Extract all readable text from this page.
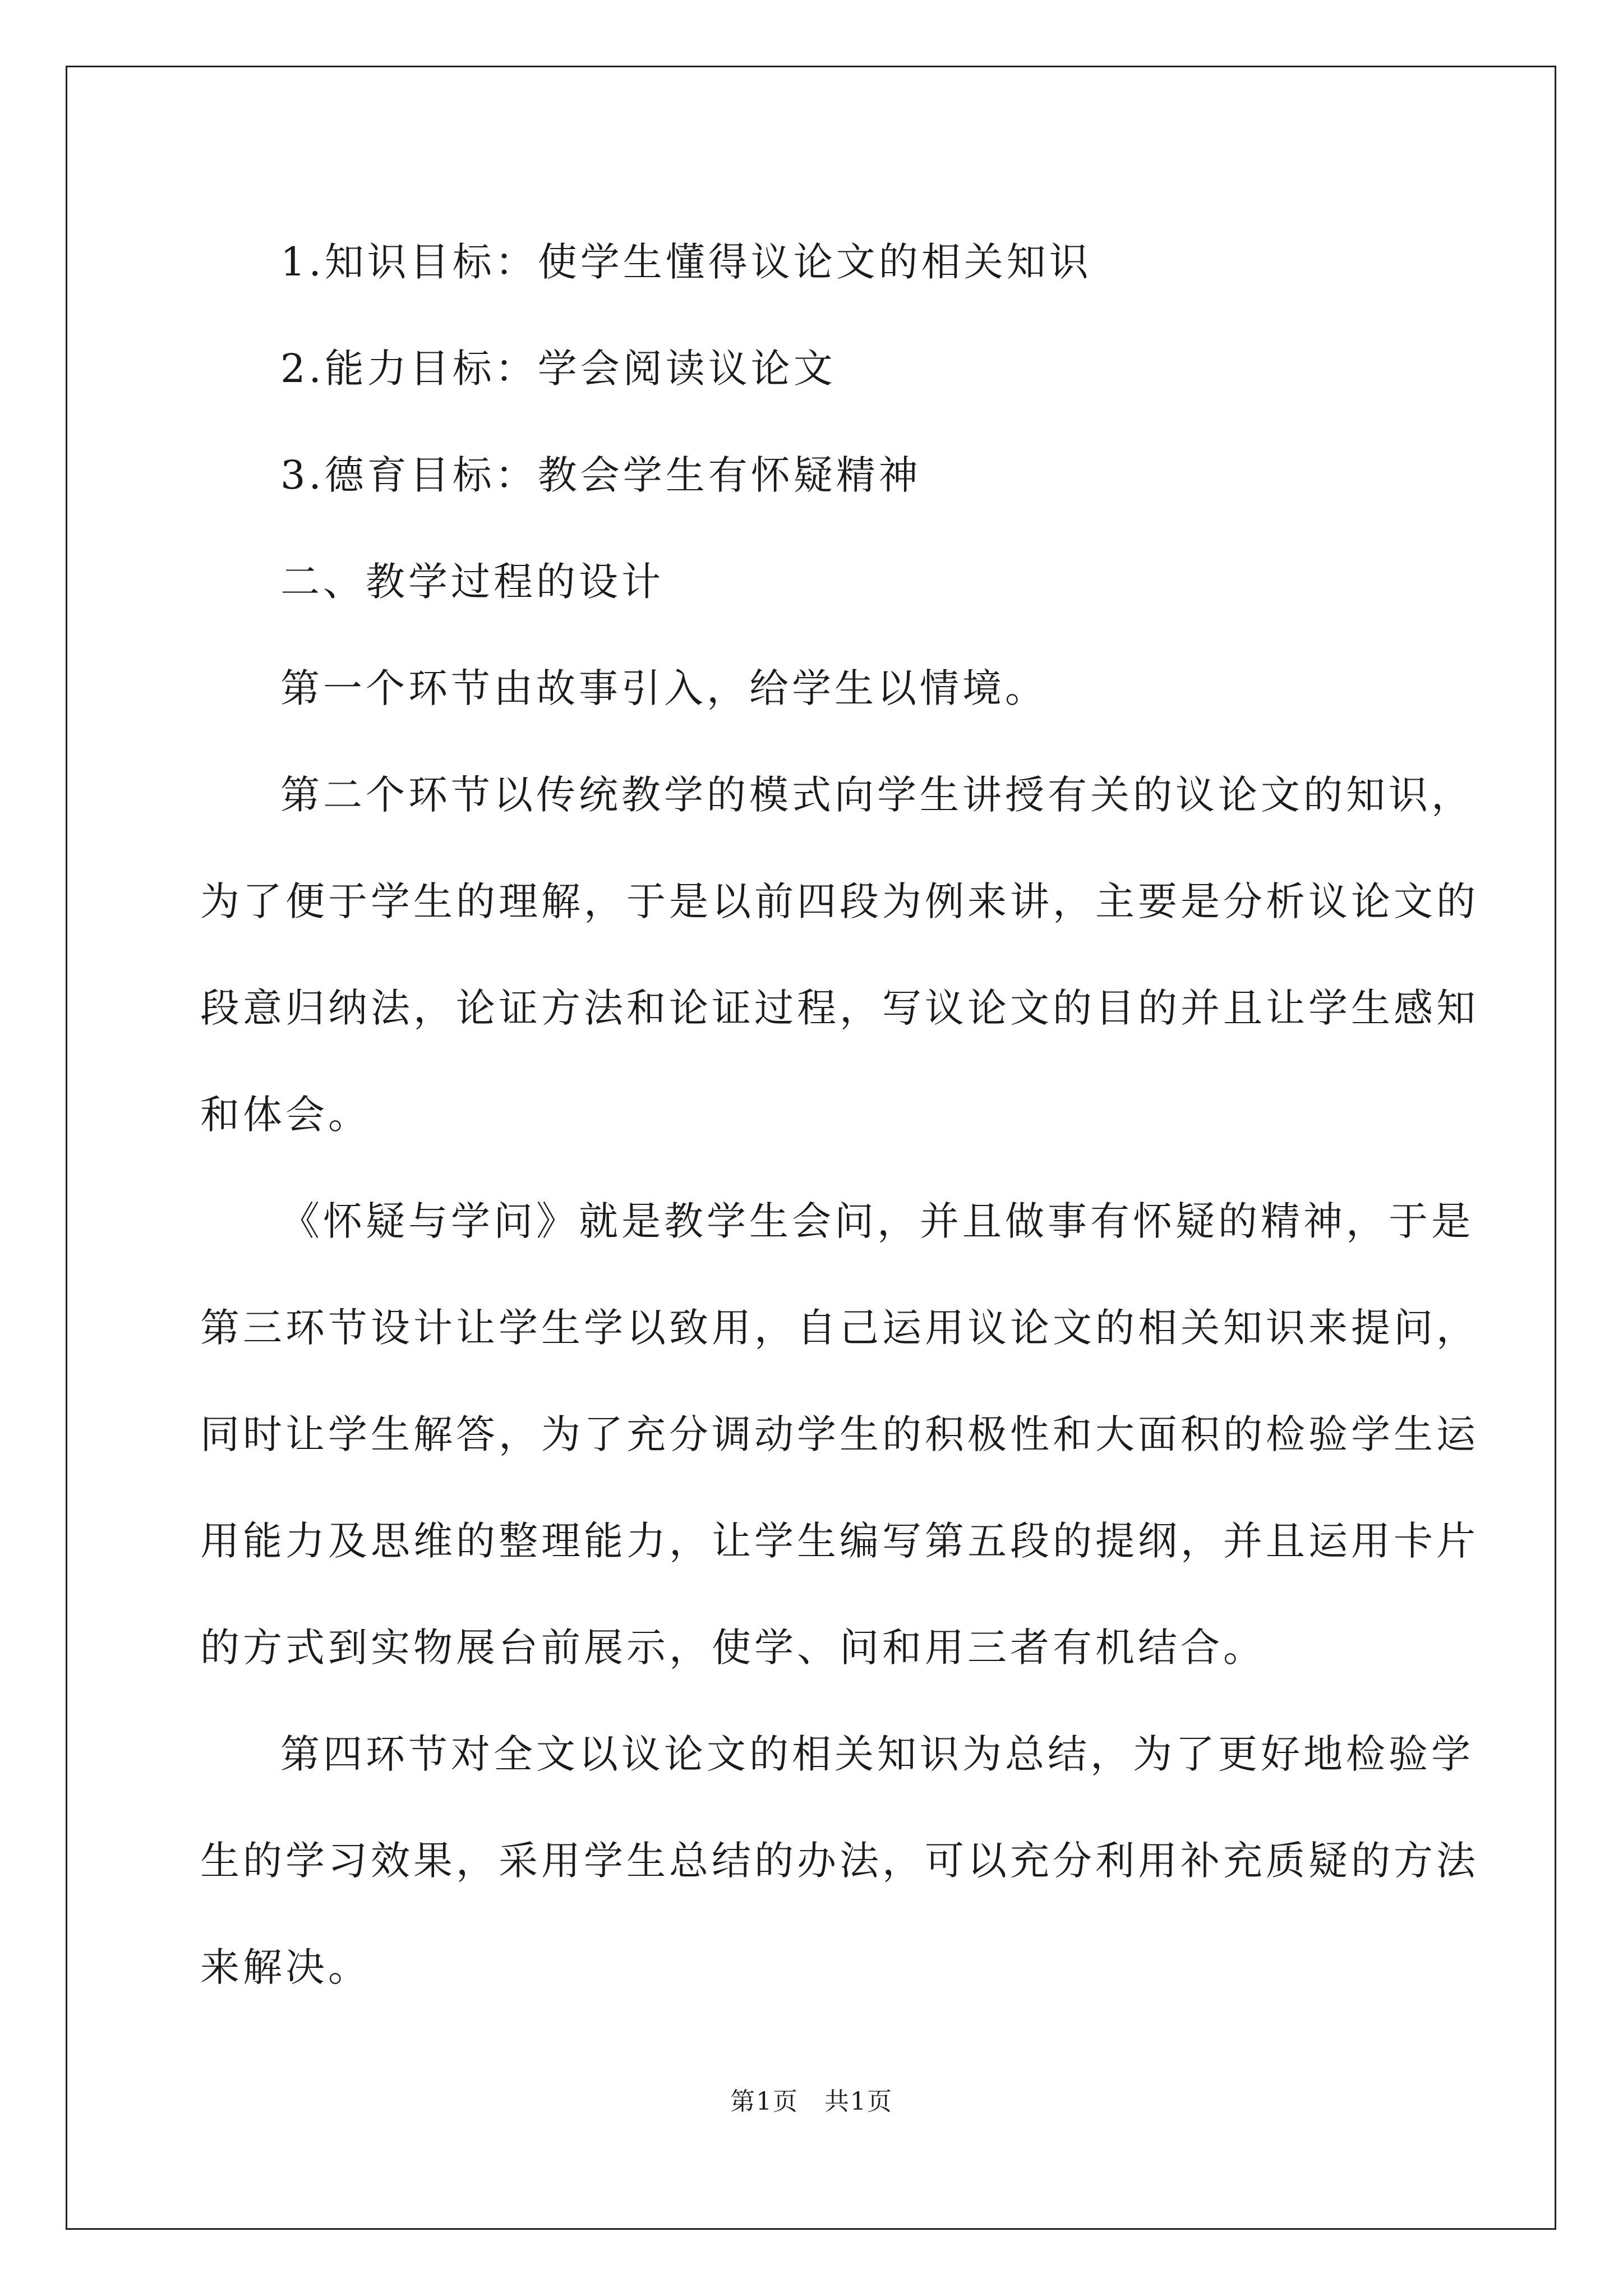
1.知识目标：使学生懂得议论文的相关知识
2.能力目标：学会阅读议论文
3.德育目标：教会学生有怀疑精神
二、教学过程的设计
第一个环节由故事引入，给学生以情境。
第二个环节以传统教学的模式向学生讲授有关的议论文的知识，
为了便于学生的理解，于是以前四段为例来讲，主要是分析议论文的
段意归纳法，论证方法和论证过程，写议论文的目的并且让学生感知
和体会。
《怀疑与学问》就是教学生会问，并且做事有怀疑的精神，于是
第三环节设计让学生学以致用，自己运用议论文的相关知识来提问，
同时让学生解答，为了充分调动学生的积极性和大面积的检验学生运
用能力及思维的整理能力，让学生编写第五段的提纲，并且运用卡片
的方式到实物展台前展示，使学、问和用三者有机结合。
第四环节对全文以议论文的相关知识为总结，为了更好地检验学
生的学习效果，采用学生总结的办法，可以充分利用补充质疑的方法
来解决。
第1页　共1页
